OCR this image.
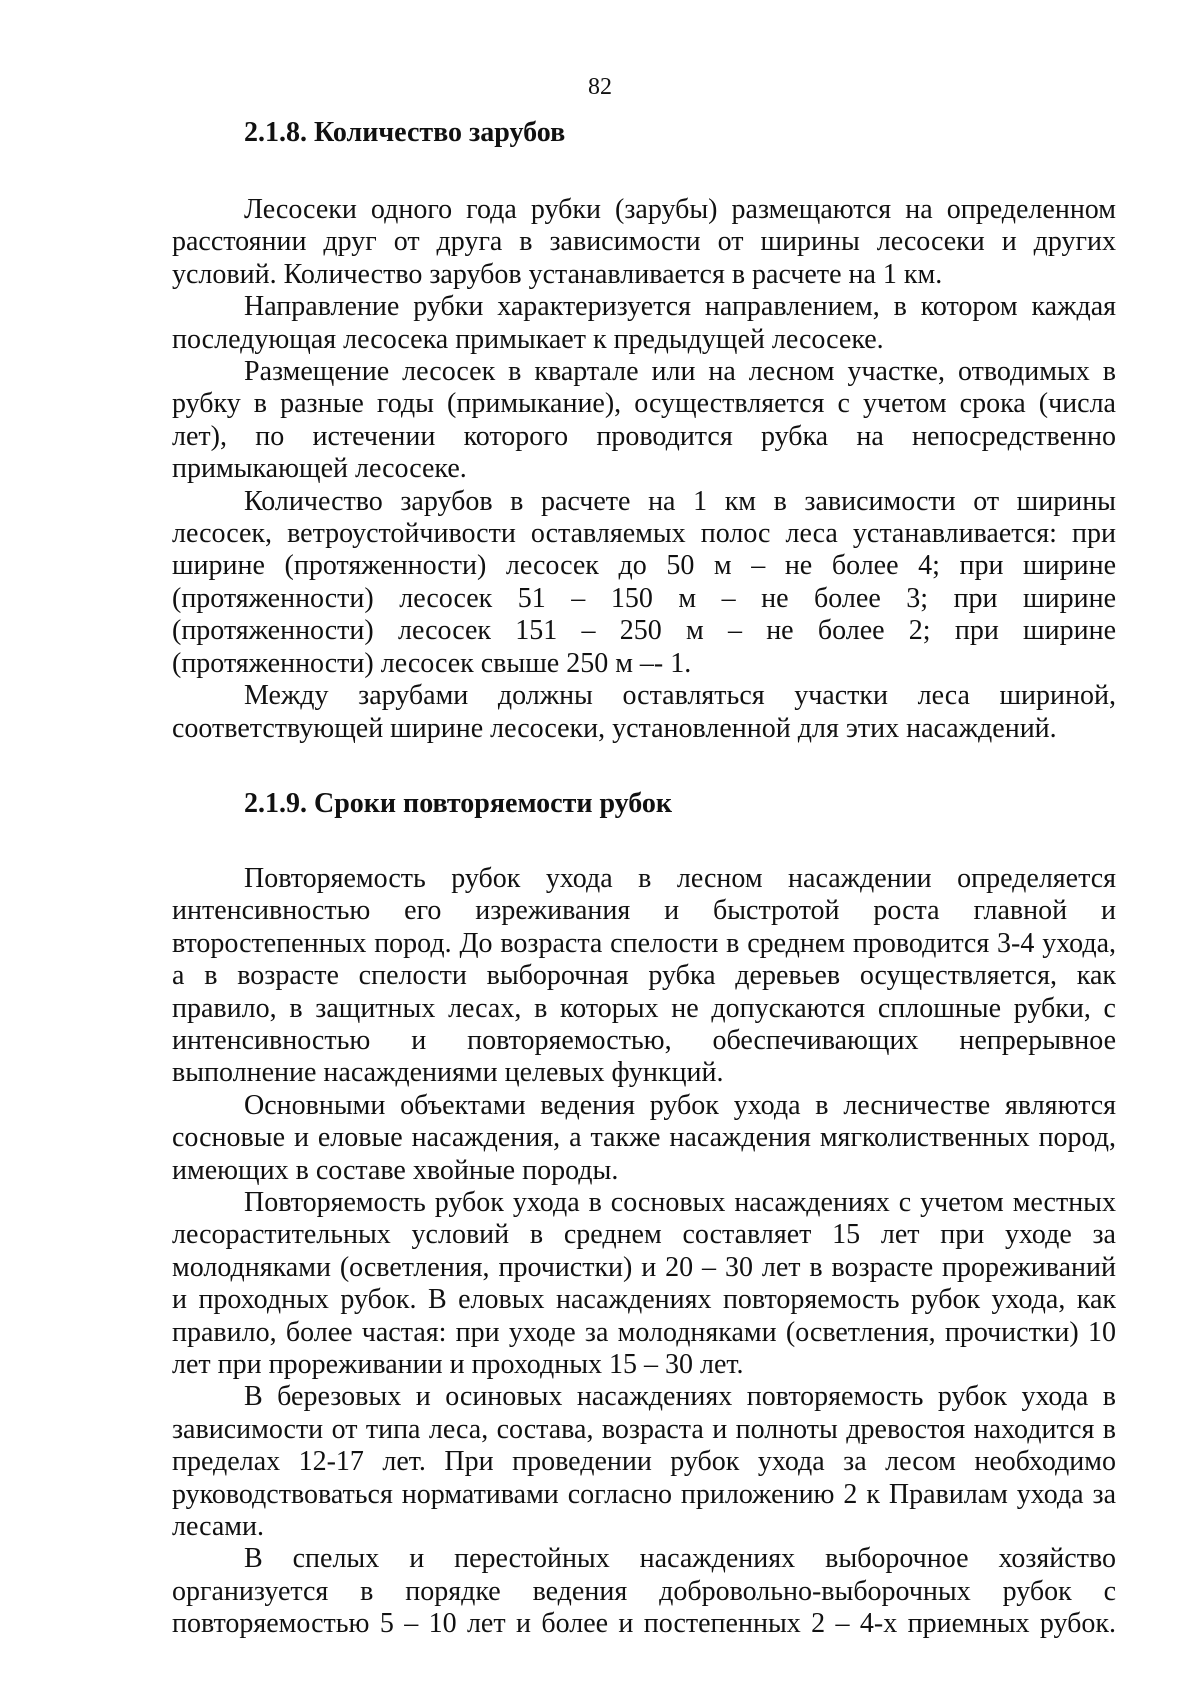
82
2.1.8. Количество зарубов

Лесосеки одного года рубки (зарубы) размещаются на определенном расстоянии друг от друга в зависимости от ширины лесосеки и других условий. Количество зарубов устанавливается в расчете на 1 км.

Направление рубки характеризуется направлением, в котором каждая последующая лесосека примыкает к предыдущей лесосеке.

Размещение лесосек в квартале или на лесном участке, отводимых в рубку в разные годы (примыкание), осуществляется с учетом срока (числа лет), по истечении которого проводится рубка на непосредственно примыкающей лесосеке.

Количество зарубов в расчете на 1 км в зависимости от ширины лесосек, ветроустойчивости оставляемых полос леса устанавливается: при ширине (протяженности) лесосек до 50 м – не более 4; при ширине (протяженности) лесосек 51 – 150 м – не более 3; при ширине (протяженности) лесосек 151 – 250 м – не более 2; при ширине (протяженности) лесосек свыше 250 м –- 1.

Между зарубами должны оставляться участки леса шириной, соответствующей ширине лесосеки, установленной для этих насаждений.

2.1.9. Сроки повторяемости рубок

Повторяемость рубок ухода в лесном насаждении определяется интенсивностью его изреживания и быстротой роста главной и второстепенных пород. До возраста спелости в среднем проводится 3-4 ухода, а в возрасте спелости выборочная рубка деревьев осуществляется, как правило, в защитных лесах, в которых не допускаются сплошные рубки, с интенсивностью и повторяемостью, обеспечивающих непрерывное выполнение насаждениями целевых функций.

Основными объектами ведения рубок ухода в лесничестве являются сосновые и еловые насаждения, а также насаждения мягколиственных пород, имеющих в составе хвойные породы.

Повторяемость рубок ухода в сосновых насаждениях с учетом местных лесорастительных условий в среднем составляет 15 лет при уходе за молодняками (осветления, прочистки) и 20 – 30 лет в возрасте прореживаний и проходных рубок. В еловых насаждениях повторяемость рубок ухода, как правило, более частая: при уходе за молодняками (осветления, прочистки) 10 лет при прореживании и проходных 15 – 30 лет.

В березовых и осиновых насаждениях повторяемость рубок ухода в зависимости от типа леса, состава, возраста и полноты древостоя находится в пределах 12-17 лет. При проведении рубок ухода за лесом необходимо руководствоваться нормативами согласно приложению 2 к Правилам ухода за лесами.

В спелых и перестойных насаждениях выборочное хозяйство организуется в порядке ведения добровольно-выборочных рубок с повторяемостью 5 – 10 лет и более и постепенных 2 – 4-х приемных рубок.
